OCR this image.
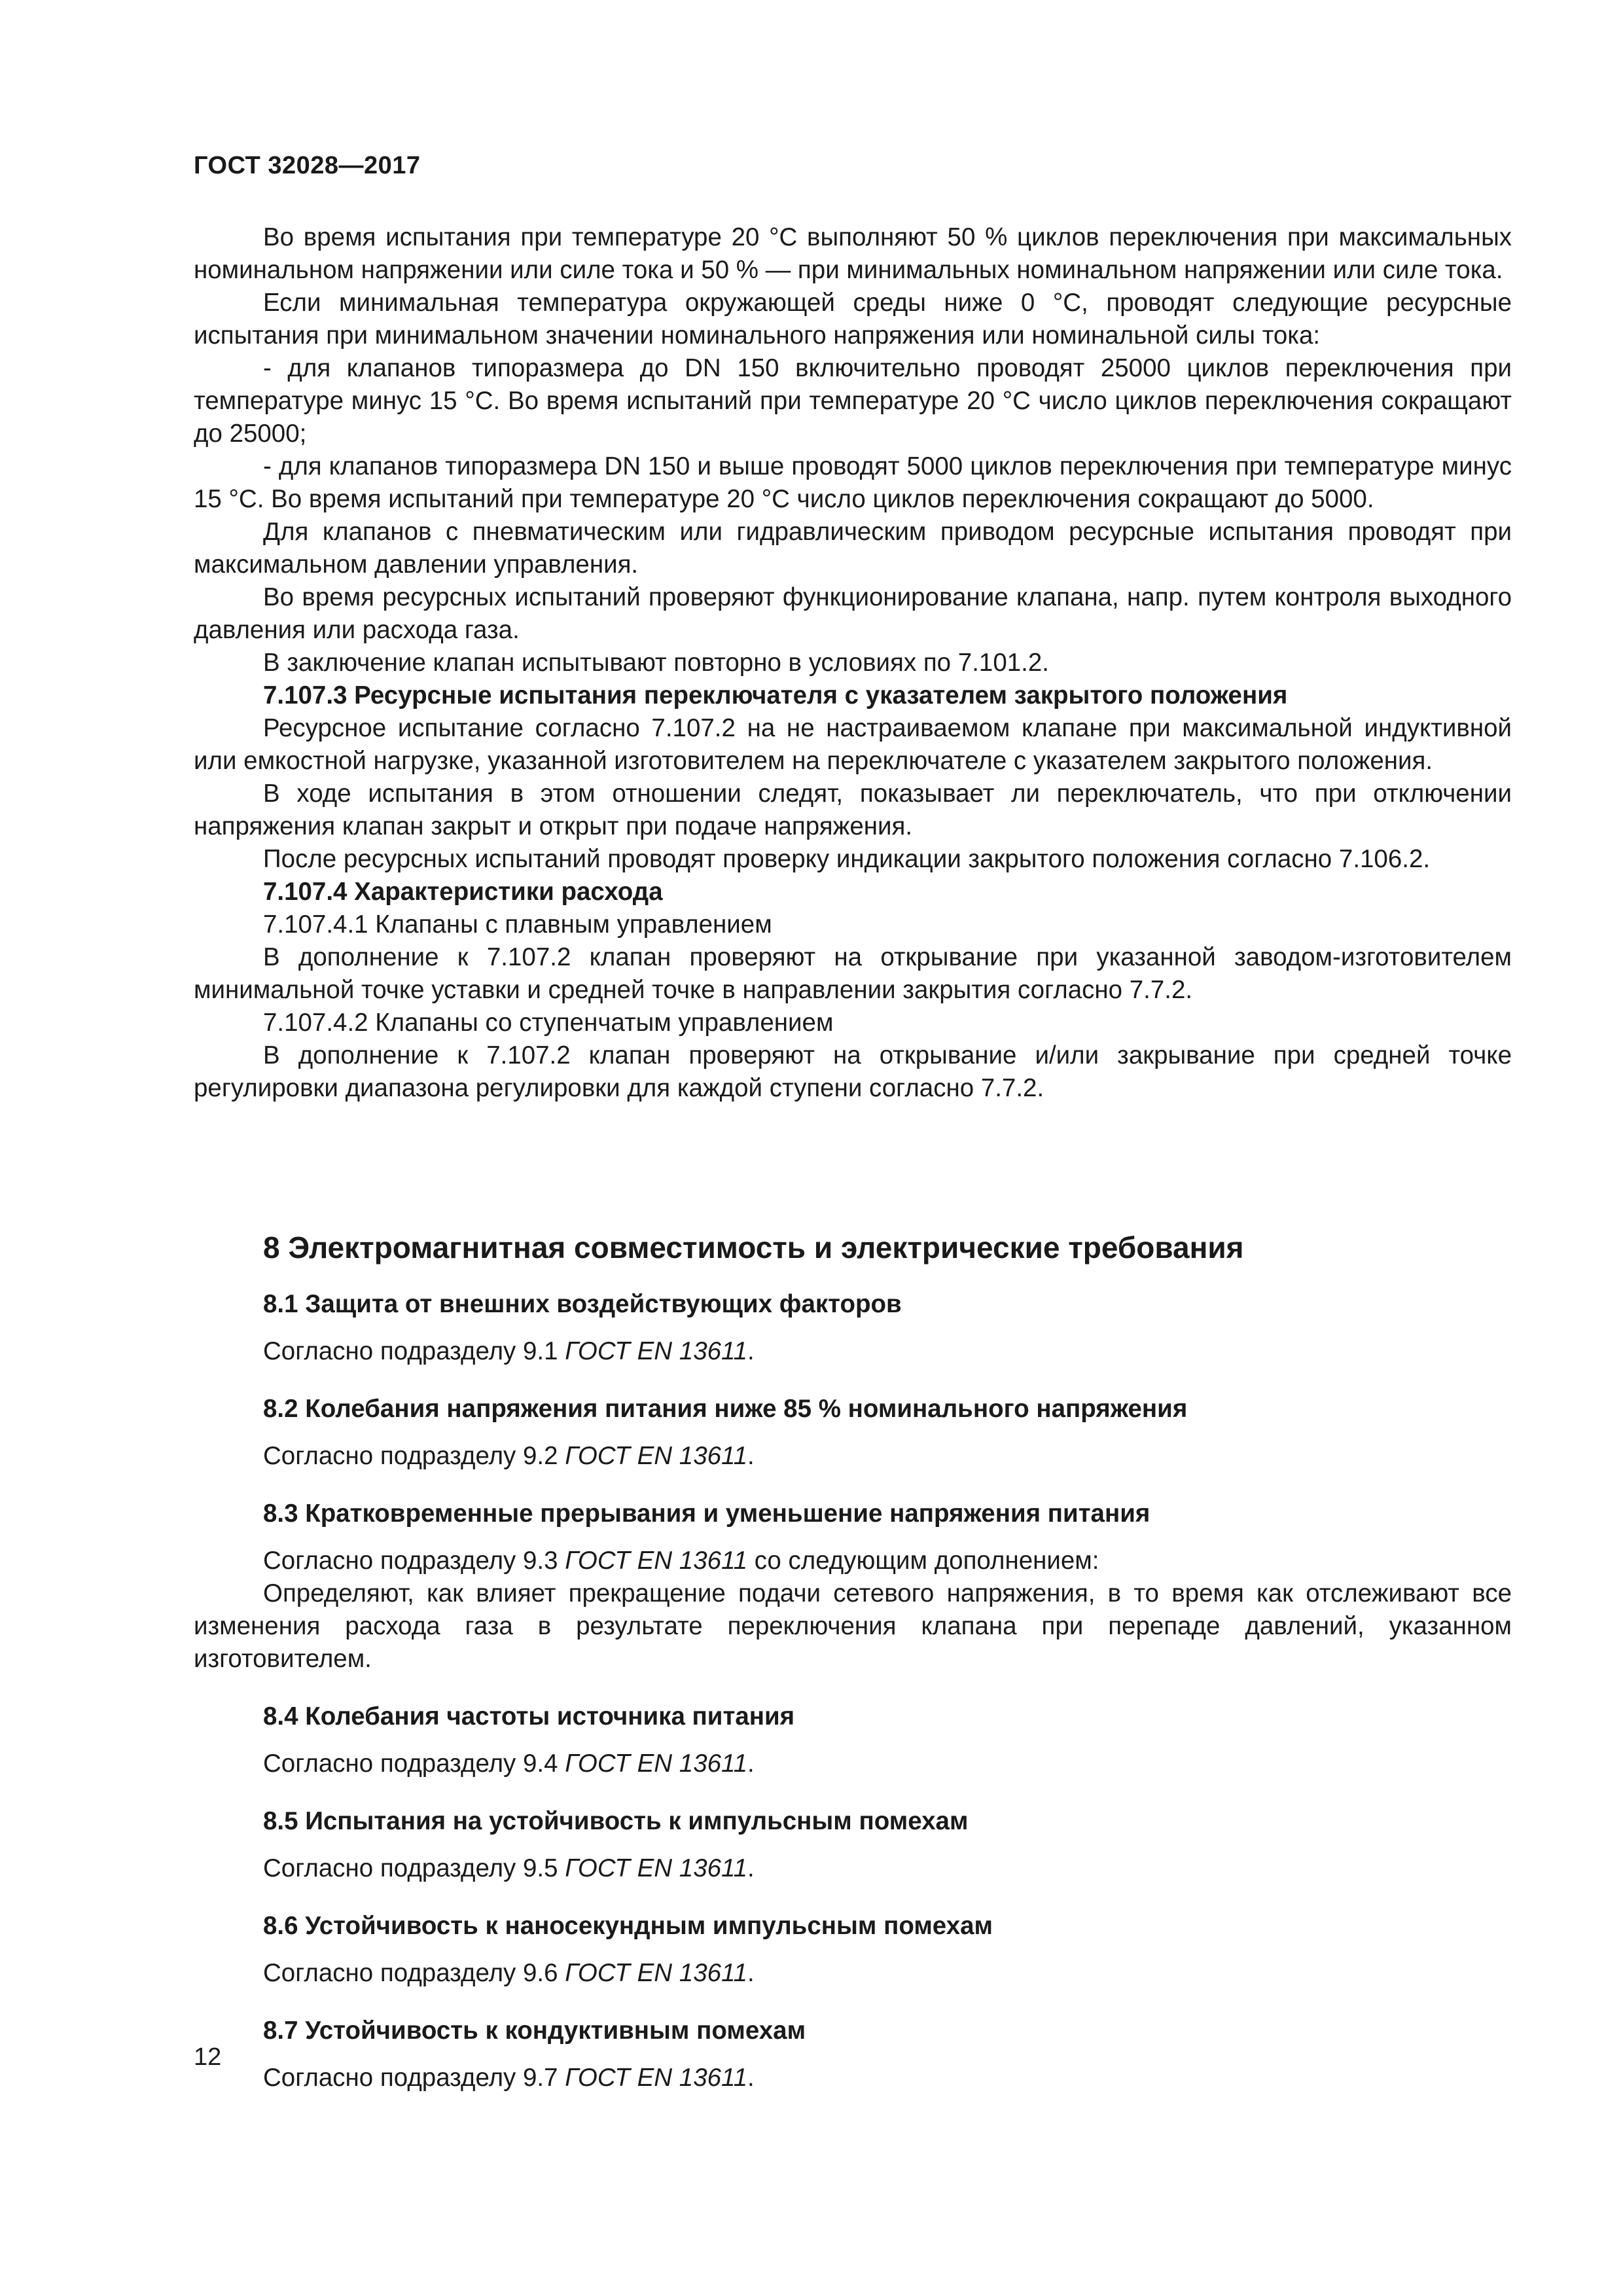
ГОСТ 32028—2017

Во время испытания при температуре 20 °C выполняют 50 % циклов переключения при максимальных номинальном напряжении или силе тока и 50 % — при минимальных номинальном напряжении или силе тока.

Если минимальная температура окружающей среды ниже 0 °C, проводят следующие ресурсные испытания при минимальном значении номинального напряжения или номинальной силы тока:

- для клапанов типоразмера до DN 150 включительно проводят 25000 циклов переключения при температуре минус 15 °C. Во время испытаний при температуре 20 °C число циклов переключения сокращают до 25000;

- для клапанов типоразмера DN 150 и выше проводят 5000 циклов переключения при температуре минус 15 °C. Во время испытаний при температуре 20 °C число циклов переключения сокращают до 5000.

Для клапанов с пневматическим или гидравлическим приводом ресурсные испытания проводят при максимальном давлении управления.

Во время ресурсных испытаний проверяют функционирование клапана, напр. путем контроля выходного давления или расхода газа.

В заключение клапан испытывают повторно в условиях по 7.101.2.

7.107.3 Ресурсные испытания переключателя с указателем закрытого положения

Ресурсное испытание согласно 7.107.2 на не настраиваемом клапане при максимальной индуктивной или емкостной нагрузке, указанной изготовителем на переключателе с указателем закрытого положения.

В ходе испытания в этом отношении следят, показывает ли переключатель, что при отключении напряжения клапан закрыт и открыт при подаче напряжения.

После ресурсных испытаний проводят проверку индикации закрытого положения согласно 7.106.2.

7.107.4 Характеристики расхода

7.107.4.1 Клапаны с плавным управлением

В дополнение к 7.107.2 клапан проверяют на открывание при указанной заводом-изготовителем минимальной точке уставки и средней точке в направлении закрытия согласно 7.7.2.

7.107.4.2 Клапаны со ступенчатым управлением

В дополнение к 7.107.2 клапан проверяют на открывание и/или закрывание при средней точке регулировки диапазона регулировки для каждой ступени согласно 7.7.2.

8 Электромагнитная совместимость и электрические требования
8.1 Защита от внешних воздействующих факторов

Согласно подразделу 9.1 ГОСТ EN 13611.

8.2 Колебания напряжения питания ниже 85 % номинального напряжения

Согласно подразделу 9.2 ГОСТ EN 13611.

8.3 Кратковременные прерывания и уменьшение напряжения питания

Согласно подразделу 9.3 ГОСТ EN 13611 со следующим дополнением:

Определяют, как влияет прекращение подачи сетевого напряжения, в то время как отслеживают все изменения расхода газа в результате переключения клапана при перепаде давлений, указанном изготовителем.

8.4 Колебания частоты источника питания

Согласно подразделу 9.4 ГОСТ EN 13611.

8.5 Испытания на устойчивость к импульсным помехам

Согласно подразделу 9.5 ГОСТ EN 13611.

8.6 Устойчивость к наносекундным импульсным помехам

Согласно подразделу 9.6 ГОСТ EN 13611.

8.7 Устойчивость к кондуктивным помехам

Согласно подразделу 9.7 ГОСТ EN 13611.

12
